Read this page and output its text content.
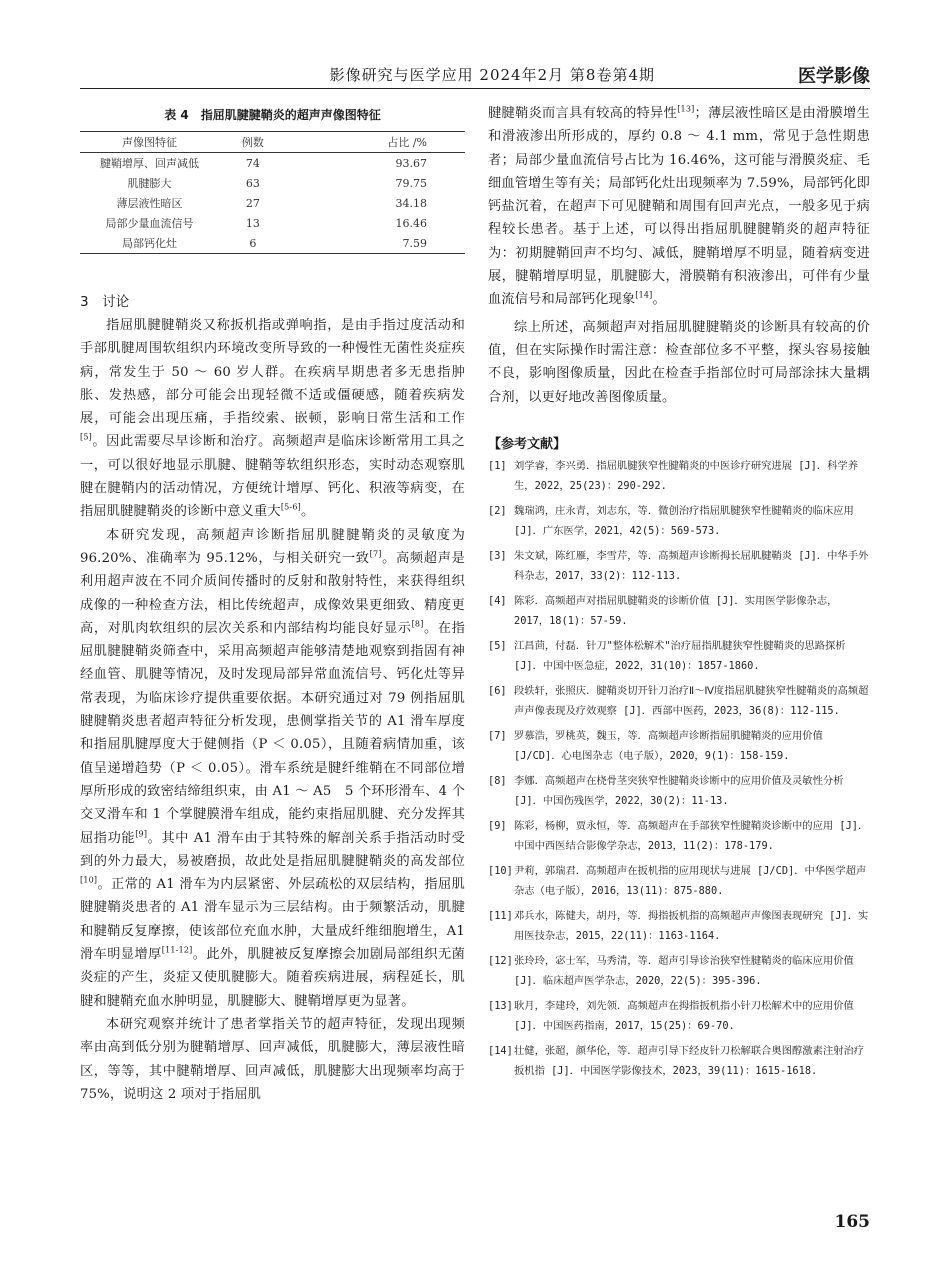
影像研究与医学应用 2024年2月 第8卷第4期	医学影像
表 4　指屈肌腱腱鞘炎的超声声像图特征
声像图特征	例数	占比 /%
腱鞘增厚、回声减低	74	93.67
肌腱膨大	63	79.75
薄层液性暗区	27	34.18
局部少量血流信号	13	16.46
局部钙化灶	6	7.59
3　讨论

指屈肌腱腱鞘炎又称扳机指或弹响指，是由手指过度活动和手部肌腱周围软组织内环境改变所导致的一种慢性无菌性炎症疾病，常发生于 50 ～ 60 岁人群。在疾病早期患者多无患指肿胀、发热感，部分可能会出现轻微不适或僵硬感，随着疾病发展，可能会出现压痛，手指绞索、嵌顿，影响日常生活和工作[5]。因此需要尽早诊断和治疗。高频超声是临床诊断常用工具之一，可以很好地显示肌腱、腱鞘等软组织形态，实时动态观察肌腱在腱鞘内的活动情况，方便统计增厚、钙化、积液等病变，在指屈肌腱腱鞘炎的诊断中意义重大[5-6]。

本研究发现，高频超声诊断指屈肌腱腱鞘炎的灵敏度为 96.20%、准确率为 95.12%，与相关研究一致[7]。高频超声是利用超声波在不同介质间传播时的反射和散射特性，来获得组织成像的一种检查方法，相比传统超声，成像效果更细致、精度更高，对肌肉软组织的层次关系和内部结构均能良好显示[8]。在指屈肌腱腱鞘炎筛查中，采用高频超声能够清楚地观察到指固有神经血管、肌腱等情况，及时发现局部异常血流信号、钙化灶等异常表现，为临床诊疗提供重要依据。本研究通过对 79 例指屈肌腱腱鞘炎患者超声特征分析发现，患侧掌指关节的 A1 滑车厚度和指屈肌腱厚度大于健侧指（P ＜ 0.05），且随着病情加重，该值呈递增趋势（P ＜ 0.05）。滑车系统是腱纤维鞘在不同部位增厚所形成的致密结缔组织束，由 A1 ～ A5　5 个环形滑车、4 个交叉滑车和 1 个掌腱膜滑车组成，能约束指屈肌腱、充分发挥其屈指功能[9]。其中 A1 滑车由于其特殊的解剖关系手指活动时受到的外力最大，易被磨损，故此处是指屈肌腱腱鞘炎的高发部位[10]。正常的 A1 滑车为内层紧密、外层疏松的双层结构，指屈肌腱腱鞘炎患者的 A1 滑车显示为三层结构。由于频繁活动，肌腱和腱鞘反复摩擦，使该部位充血水肿，大量成纤维细胞增生，A1 滑车明显增厚[11-12]。此外，肌腱被反复摩擦会加剧局部组织无菌炎症的产生，炎症又使肌腱膨大。随着疾病进展，病程延长，肌腱和腱鞘充血水肿明显，肌腱膨大、腱鞘增厚更为显著。

本研究观察并统计了患者掌指关节的超声特征，发现出现频率由高到低分别为腱鞘增厚、回声减低，肌腱膨大，薄层液性暗区，等等，其中腱鞘增厚、回声减低，肌腱膨大出现频率均高于 75%，说明这 2 项对于指屈肌

腱腱鞘炎而言具有较高的特异性[13]；薄层液性暗区是由滑膜增生和滑液渗出所形成的，厚约 0.8 ～ 4.1 mm，常见于急性期患者；局部少量血流信号占比为 16.46%，这可能与滑膜炎症、毛细血管增生等有关；局部钙化灶出现频率为 7.59%，局部钙化即钙盐沉着，在超声下可见腱鞘和周围有回声光点，一般多见于病程较长患者。基于上述，可以得出指屈肌腱腱鞘炎的超声特征为：初期腱鞘回声不均匀、减低，腱鞘增厚不明显，随着病变进展，腱鞘增厚明显，肌腱膨大，滑膜鞘有积液渗出，可伴有少量血流信号和局部钙化现象[14]。

综上所述，高频超声对指屈肌腱腱鞘炎的诊断具有较高的价值，但在实际操作时需注意：检查部位多不平整，探头容易接触不良，影响图像质量，因此在检查手指部位时可局部涂抹大量耦合剂，以更好地改善图像质量。

【参考文献】
[1] 刘学睿，李兴勇．指屈肌腱狭窄性腱鞘炎的中医诊疗研究进展 [J]．科学养生，2022，25(23)：290-292.
[2] 魏瑞鸿，庄永青，刘志东，等．微创治疗指屈肌腱狭窄性腱鞘炎的临床应用 [J]．广东医学，2021，42(5)：569-573.
[3] 朱文斌，陈红雁，李雪芹，等．高频超声诊断拇长屈肌腱鞘炎 [J]．中华手外科杂志，2017，33(2)：112-113.
[4] 陈彩．高频超声对指屈肌腱鞘炎的诊断价值 [J]．实用医学影像杂志，2017，18(1)：57-59.
[5] 江昌茴，付磊．针刀"整体松解术"治疗屈指肌腱狭窄性腱鞘炎的思路探析 [J]．中国中医急症，2022，31(10)：1857-1860.
[6] 段轶轩，张照庆．腱鞘炎切开针刀治疗Ⅱ～Ⅳ度指屈肌腱狭窄性腱鞘炎的高频超声声像表现及疗效观察 [J]．西部中医药，2023，36(8)：112-115.
[7] 罗慕浩，罗桃英，魏玉，等．高频超声诊断指屈肌腱鞘炎的应用价值 [J/CD]．心电图杂志（电子版），2020，9(1)：158-159.
[8] 李娜．高频超声在桡骨茎突狭窄性腱鞘炎诊断中的应用价值及灵敏性分析 [J]．中国伤残医学，2022，30(2)：11-13.
[9] 陈彩，杨柳，贾永恒，等．高频超声在手部狭窄性腱鞘炎诊断中的应用 [J]．中国中西医结合影像学杂志，2013，11(2)：178-179.
[10] 尹莉，郭瑞君．高频超声在扳机指的应用现状与进展 [J/CD]．中华医学超声杂志（电子版），2016，13(11)：875-880.
[11] 邓兵水，陈健夫，胡丹，等．拇指扳机指的高频超声声像图表现研究 [J]．实用医技杂志，2015，22(11)：1163-1164.
[12] 张玲玲，宓士军，马秀清，等．超声引导诊治狭窄性腱鞘炎的临床应用价值 [J]．临床超声医学杂志，2020，22(5)：395-396.
[13] 耿月，李建玲，刘先领．高频超声在拇指扳机指小针刀松解术中的应用价值 [J]．中国医药指南，2017，15(25)：69-70.
[14] 壮健，张超，颜华伦，等．超声引导下经皮针刀松解联合奥图醇激素注射治疗扳机指 [J]．中国医学影像技术，2023，39(11)：1615-1618.
165
